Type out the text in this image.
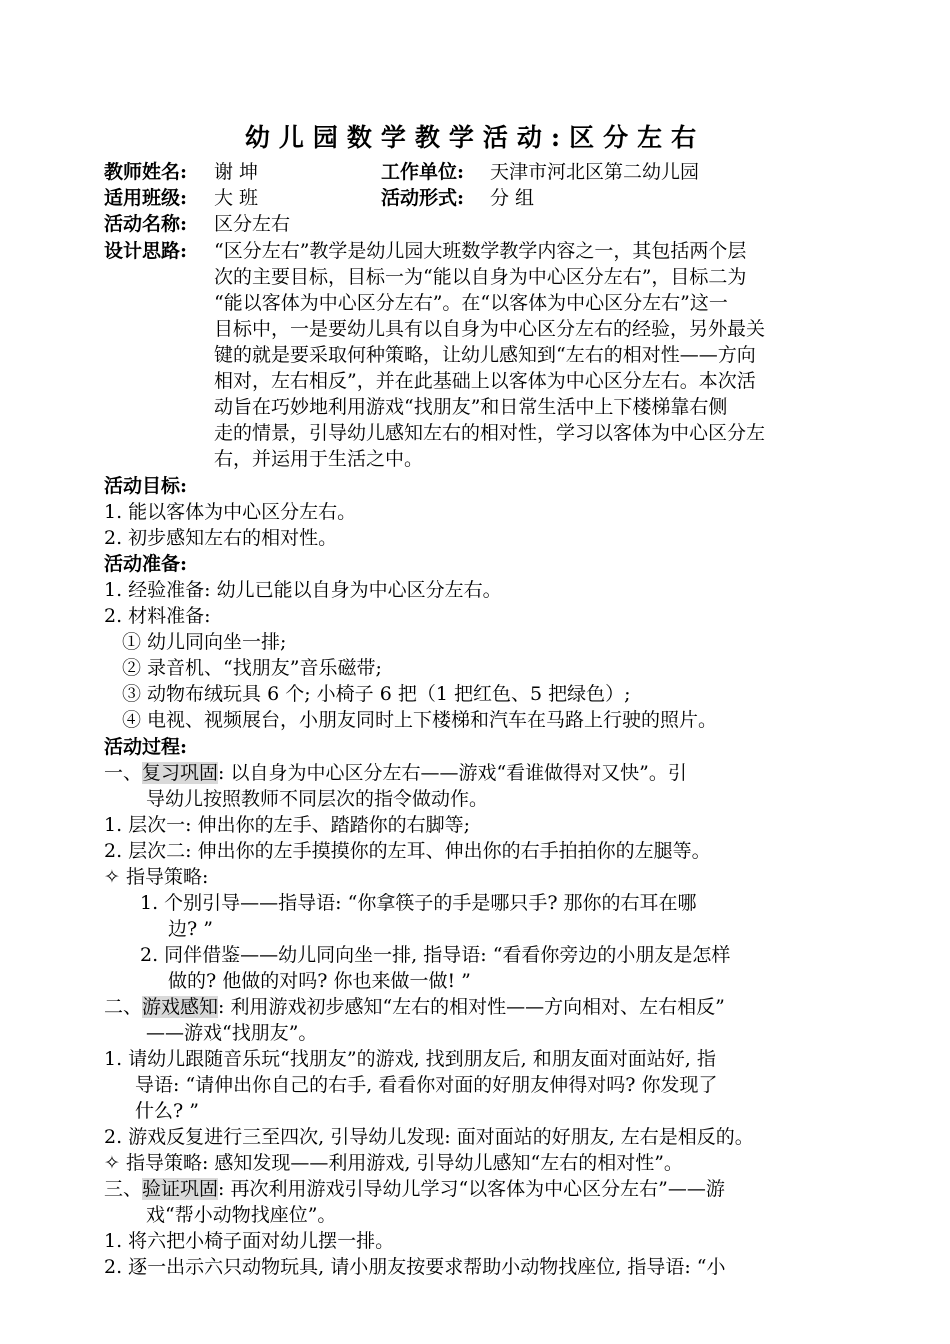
幼儿园数学教学活动:区分左右
教师姓名: 谢 坤	工作单位: 天津市河北区第二幼儿园
适用班级: 大 班	活动形式: 分 组
活动名称: 区分左右
设计思路: “区分左右”教学是幼儿园大班数学教学内容之一，其包括两个层
次的主要目标，目标一为“能以自身为中心区分左右”，目标二为
“能以客体为中心区分左右”。在“以客体为中心区分左右”这一
目标中，一是要幼儿具有以自身为中心区分左右的经验，另外最关
键的就是要采取何种策略，让幼儿感知到“左右的相对性——方向
相对，左右相反”，并在此基础上以客体为中心区分左右。本次活
动旨在巧妙地利用游戏“找朋友”和日常生活中上下楼梯靠右侧
走的情景，引导幼儿感知左右的相对性，学习以客体为中心区分左
右，并运用于生活之中。
活动目标:
1. 能以客体为中心区分左右。
2. 初步感知左右的相对性。
活动准备:
1. 经验准备: 幼儿已能以自身为中心区分左右。
2. 材料准备:
① 幼儿同向坐一排;
② 录音机、“找朋友”音乐磁带;
③ 动物布绒玩具 6 个; 小椅子 6 把（1 把红色、5 把绿色）;
④ 电视、视频展台，小朋友同时上下楼梯和汽车在马路上行驶的照片。
活动过程:
一、复习巩固: 以自身为中心区分左右——游戏“看谁做得对又快”。引
导幼儿按照教师不同层次的指令做动作。
1. 层次一: 伸出你的左手、踏踏你的右脚等;
2. 层次二: 伸出你的左手摸摸你的左耳、伸出你的右手拍拍你的左腿等。
✧ 指导策略:
1. 个别引导——指导语: “你拿筷子的手是哪只手? 那你的右耳在哪
边? ”
2. 同伴借鉴——幼儿同向坐一排, 指导语: “看看你旁边的小朋友是怎样
做的? 他做的对吗? 你也来做一做! ”
二、游戏感知: 利用游戏初步感知“左右的相对性——方向相对、左右相反”
——游戏“找朋友”。
1. 请幼儿跟随音乐玩“找朋友”的游戏, 找到朋友后, 和朋友面对面站好, 指
导语: “请伸出你自己的右手, 看看你对面的好朋友伸得对吗? 你发现了
什么? ”
2. 游戏反复进行三至四次, 引导幼儿发现: 面对面站的好朋友, 左右是相反的。
✧ 指导策略: 感知发现——利用游戏, 引导幼儿感知“左右的相对性”。
三、验证巩固: 再次利用游戏引导幼儿学习“以客体为中心区分左右”——游
戏“帮小动物找座位”。
1. 将六把小椅子面对幼儿摆一排。
2. 逐一出示六只动物玩具, 请小朋友按要求帮助小动物找座位, 指导语: “小
